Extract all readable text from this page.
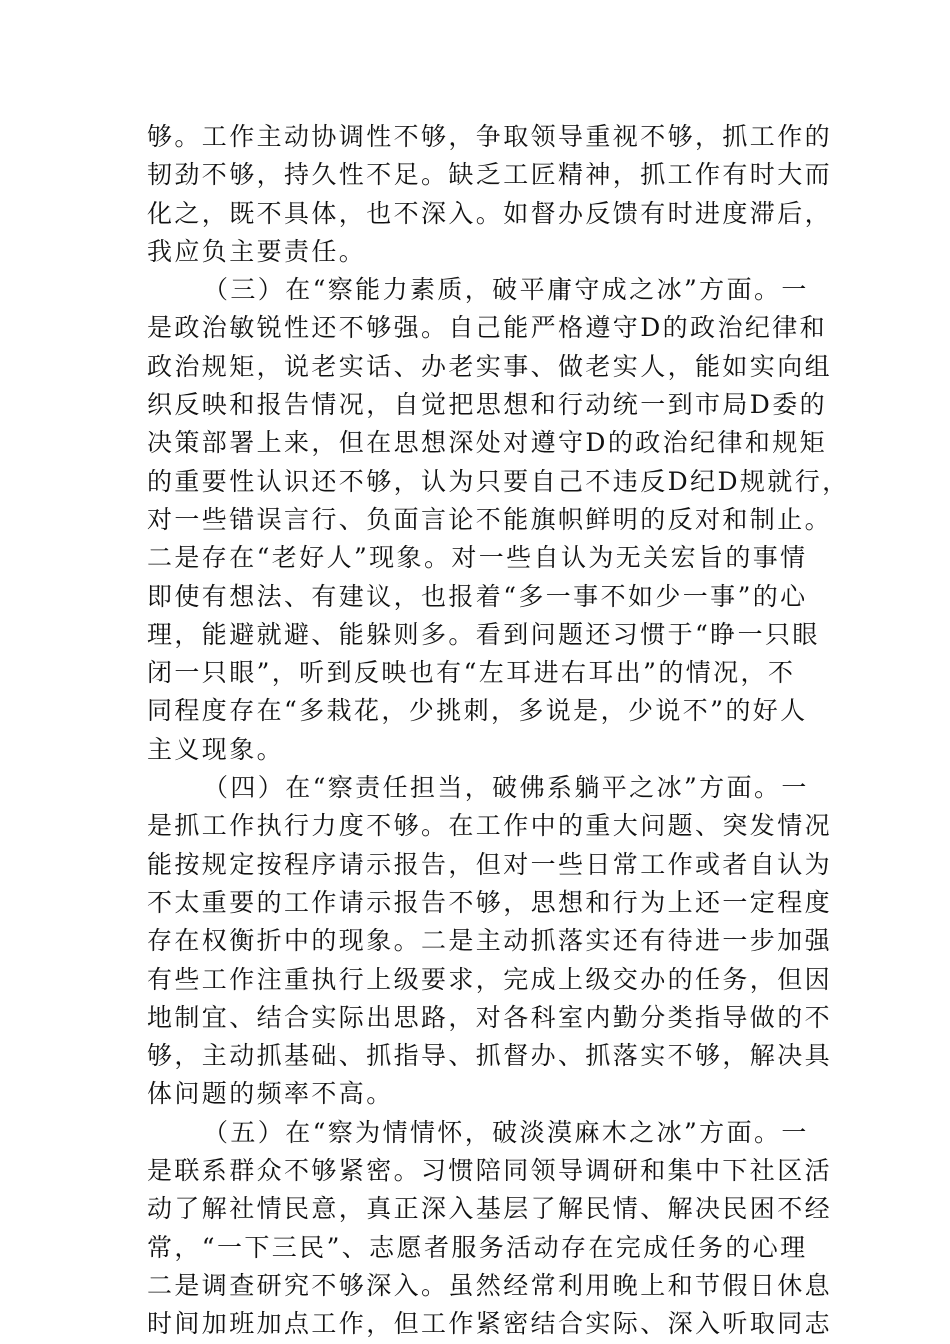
够。工作主动协调性不够，争取领导重视不够，抓工作的
韧劲不够，持久性不足。缺乏工匠精神，抓工作有时大而
化之，既不具体，也不深入。如督办反馈有时进度滞后，
我应负主要责任。
（三）在“察能力素质，破平庸守成之冰”方面。一
是政治敏锐性还不够强。自己能严格遵守D的政治纪律和
政治规矩，说老实话、办老实事、做老实人，能如实向组
织反映和报告情况，自觉把思想和行动统一到市局D委的
决策部署上来，但在思想深处对遵守D的政治纪律和规矩
的重要性认识还不够，认为只要自己不违反D纪D规就行，
对一些错误言行、负面言论不能旗帜鲜明的反对和制止。
二是存在“老好人”现象。对一些自认为无关宏旨的事情
即使有想法、有建议，也报着“多一事不如少一事”的心
理，能避就避、能躲则多。看到问题还习惯于“睁一只眼
闭一只眼”，听到反映也有“左耳进右耳出”的情况，不
同程度存在“多栽花，少挑刺，多说是，少说不”的好人
主义现象。
（四）在“察责任担当，破佛系躺平之冰”方面。一
是抓工作执行力度不够。在工作中的重大问题、突发情况
能按规定按程序请示报告，但对一些日常工作或者自认为
不太重要的工作请示报告不够，思想和行为上还一定程度
存在权衡折中的现象。二是主动抓落实还有待进一步加强
有些工作注重执行上级要求，完成上级交办的任务，但因
地制宜、结合实际出思路，对各科室内勤分类指导做的不
够，主动抓基础、抓指导、抓督办、抓落实不够，解决具
体问题的频率不高。
（五）在“察为情情怀，破淡漠麻木之冰”方面。一
是联系群众不够紧密。习惯陪同领导调研和集中下社区活
动了解社情民意，真正深入基层了解民情、解决民困不经
常，“一下三民”、志愿者服务活动存在完成任务的心理
二是调查研究不够深入。虽然经常利用晚上和节假日休息
时间加班加点工作，但工作紧密结合实际、深入听取同志
